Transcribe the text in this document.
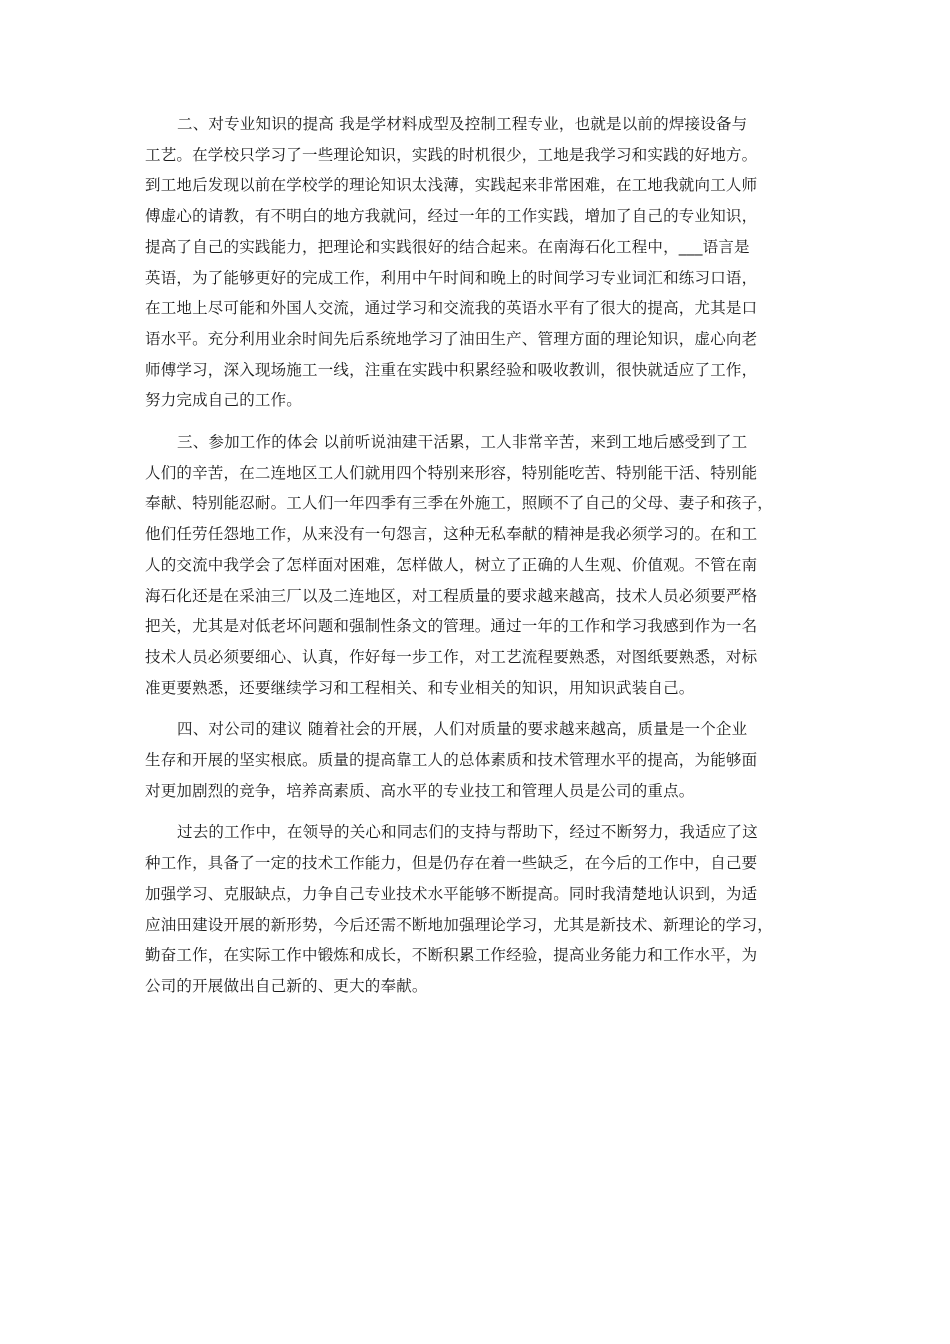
二、对专业知识的提高 我是学材料成型及控制工程专业，也就是以前的焊接设备与
工艺。在学校只学习了一些理论知识，实践的时机很少，工地是我学习和实践的好地方。
到工地后发现以前在学校学的理论知识太浅薄，实践起来非常困难，在工地我就向工人师
傅虚心的请教，有不明白的地方我就问，经过一年的工作实践，增加了自己的专业知识，
提高了自己的实践能力，把理论和实践很好的结合起来。在南海石化工程中，___语言是
英语，为了能够更好的完成工作，利用中午时间和晚上的时间学习专业词汇和练习口语，
在工地上尽可能和外国人交流，通过学习和交流我的英语水平有了很大的提高，尤其是口
语水平。充分利用业余时间先后系统地学习了油田生产、管理方面的理论知识，虚心向老
师傅学习，深入现场施工一线，注重在实践中积累经验和吸收教训，很快就适应了工作，
努力完成自己的工作。
三、参加工作的体会 以前听说油建干活累，工人非常辛苦，来到工地后感受到了工
人们的辛苦，在二连地区工人们就用四个特别来形容，特别能吃苦、特别能干活、特别能
奉献、特别能忍耐。工人们一年四季有三季在外施工，照顾不了自己的父母、妻子和孩子，
他们任劳任怨地工作，从来没有一句怨言，这种无私奉献的精神是我必须学习的。在和工
人的交流中我学会了怎样面对困难，怎样做人，树立了正确的人生观、价值观。不管在南
海石化还是在采油三厂以及二连地区，对工程质量的要求越来越高，技术人员必须要严格
把关，尤其是对低老坏问题和强制性条文的管理。通过一年的工作和学习我感到作为一名
技术人员必须要细心、认真，作好每一步工作，对工艺流程要熟悉，对图纸要熟悉，对标
准更要熟悉，还要继续学习和工程相关、和专业相关的知识，用知识武装自己。
四、对公司的建议 随着社会的开展，人们对质量的要求越来越高，质量是一个企业
生存和开展的坚实根底。质量的提高靠工人的总体素质和技术管理水平的提高，为能够面
对更加剧烈的竞争，培养高素质、高水平的专业技工和管理人员是公司的重点。
过去的工作中，在领导的关心和同志们的支持与帮助下，经过不断努力，我适应了这
种工作，具备了一定的技术工作能力，但是仍存在着一些缺乏，在今后的工作中，自己要
加强学习、克服缺点，力争自己专业技术水平能够不断提高。同时我清楚地认识到，为适
应油田建设开展的新形势，今后还需不断地加强理论学习，尤其是新技术、新理论的学习，
勤奋工作，在实际工作中锻炼和成长，不断积累工作经验，提高业务能力和工作水平，为
公司的开展做出自己新的、更大的奉献。
